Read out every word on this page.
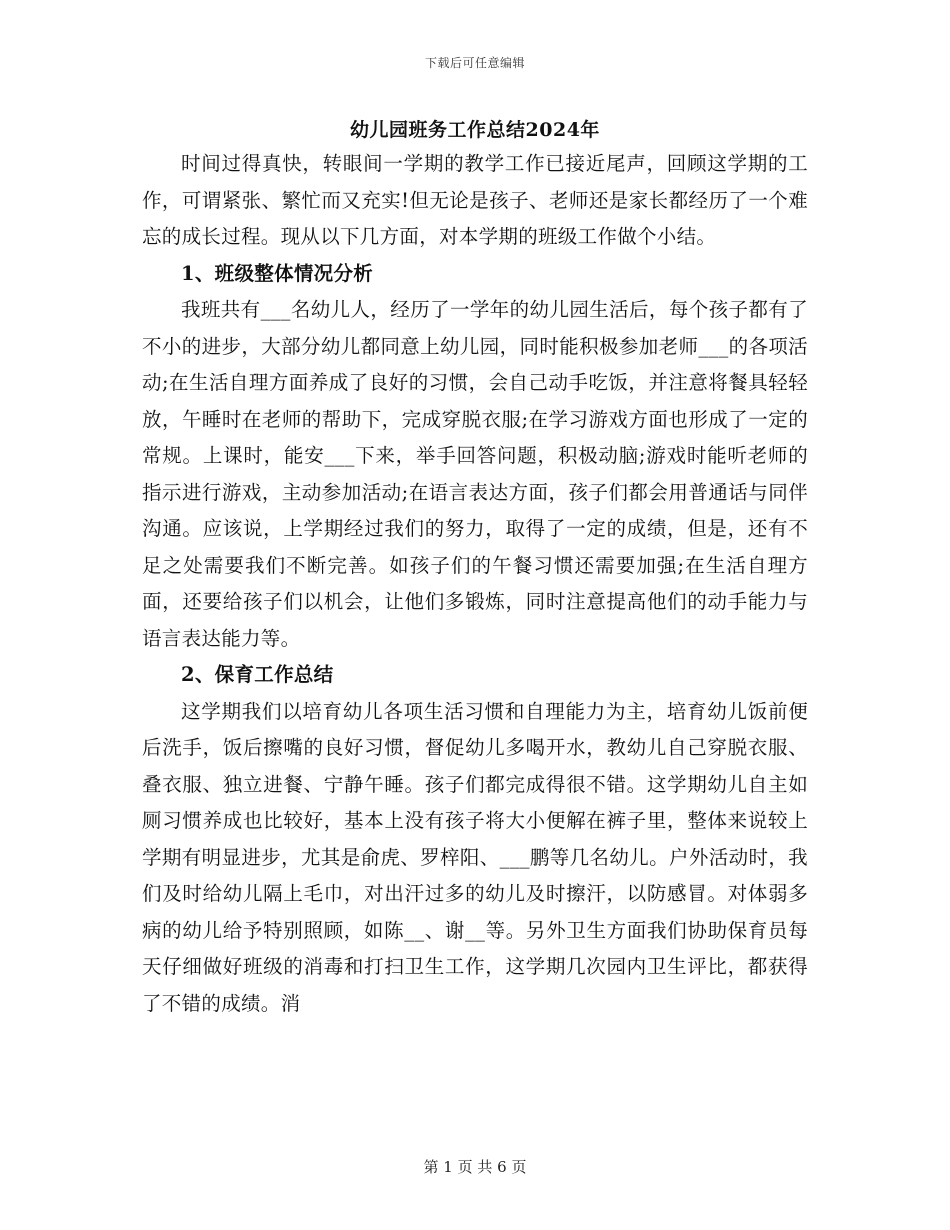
下载后可任意编辑
幼儿园班务工作总结2024年

时间过得真快，转眼间一学期的教学工作已接近尾声，回顾这学期的工作，可谓紧张、繁忙而又充实!但无论是孩子、老师还是家长都经历了一个难忘的成长过程。现从以下几方面，对本学期的班级工作做个小结。

1、班级整体情况分析

我班共有___名幼儿人，经历了一学年的幼儿园生活后，每个孩子都有了不小的进步，大部分幼儿都同意上幼儿园，同时能积极参加老师___的各项活动;在生活自理方面养成了良好的习惯，会自己动手吃饭，并注意将餐具轻轻放，午睡时在老师的帮助下，完成穿脱衣服;在学习游戏方面也形成了一定的常规。上课时，能安___下来，举手回答问题，积极动脑;游戏时能听老师的指示进行游戏，主动参加活动;在语言表达方面，孩子们都会用普通话与同伴沟通。应该说，上学期经过我们的努力，取得了一定的成绩，但是，还有不足之处需要我们不断完善。如孩子们的午餐习惯还需要加强;在生活自理方面，还要给孩子们以机会，让他们多锻炼，同时注意提高他们的动手能力与语言表达能力等。

2、保育工作总结

这学期我们以培育幼儿各项生活习惯和自理能力为主，培育幼儿饭前便后洗手，饭后擦嘴的良好习惯，督促幼儿多喝开水，教幼儿自己穿脱衣服、叠衣服、独立进餐、宁静午睡。孩子们都完成得很不错。这学期幼儿自主如厕习惯养成也比较好，基本上没有孩子将大小便解在裤子里，整体来说较上学期有明显进步，尤其是俞虎、罗梓阳、___鹏等几名幼儿。户外活动时，我们及时给幼儿隔上毛巾，对出汗过多的幼儿及时擦汗，以防感冒。对体弱多病的幼儿给予特别照顾，如陈__、谢__等。另外卫生方面我们协助保育员每天仔细做好班级的消毒和打扫卫生工作，这学期几次园内卫生评比，都获得了不错的成绩。消

第 1 页 共 6 页
